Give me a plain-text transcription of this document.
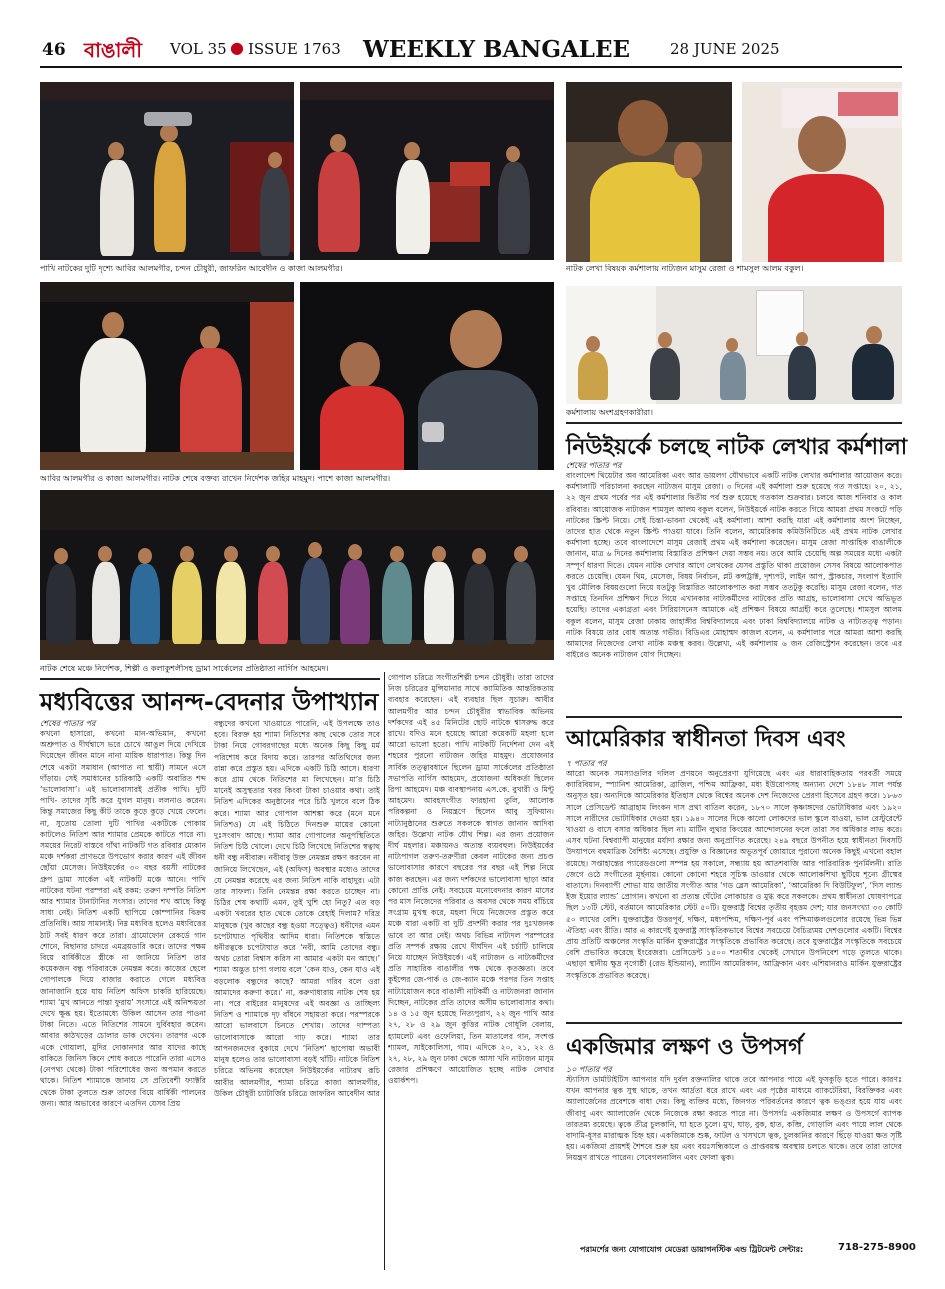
46 বাঙালী VOL 35 ● ISSUE 1763 WEEKLY BANGALEE	28 JUNE 2025
পাখি নাটকের দুটি দৃশ্যে আবির আলমগীর, চন্দন চৌধুরী, জাফরিন আবেদীন ও কাজা আলমগীর।	নাটক লেখা বিষয়ক কর্মশালায় নাট্যজন মাসুম রেজা ও শামসুল আলম বকুল।
আবির আলমগীর ও কাজা আলমগীর। নাটক শেষে বক্তব্য রাখেন নির্দেশক জহির মাহমুদ। পাশে কাজা আলমগীর।
কর্মশালায় অংশগ্রহণকারীরা।
নিউইয়র্কে চলছে নাটক লেখার কর্মশালা
নাটক শেষে মঞ্চে নির্দেশক, শিল্পী ও কলাকুশলীসহ ড্রামা সার্কেলের প্রতিষ্ঠাতা নার্গিস আহমেদ।
শেষের পাতার পর
বাংলাদেশ থিয়েটার অব আমেরিকা এবং আর ডায়লগ যৌথভাবে একটি নাটক লেখার কর্মশালার আয়োজন করে। কর্মশালাটি পরিচালনা করছেন নাট্যজন মাসুম রেজা। ৩ দিনের এই কর্মশালা শুরু হয়েছে গত সপ্তাহে। ২০, ২১, ২২ জুন প্রথম পর্বের পর এই কর্মশালার দ্বিতীয় পর্ব শুরু হয়েছে গতকাল শুক্রবার। চলবে আজ শনিবার ও কাল রবিবার। আয়োজক নাট্যজন শামসুল আলম বকুল বলেন, নিউইয়র্কে নাটক করতে গিয়ে আমরা প্রথম সংকটে পড়ি নাটকের স্ক্রিপ্ট নিয়ে। সেই চিন্তা-ভাবনা থেকেই এই কর্মশালা। আশা করছি যারা এই কর্মশালায় অংশ নিচ্ছেন, তাদের হাত থেকে নতুন স্ক্রিপ্ট পাওয়া যাবে। তিনি বলেন, আমেরিকায় কমিউনিটিতে এই প্রথম নাটক লেখার কর্মশালা হচ্ছে। তবে বাংলাদেশে মাসুম রেজাই প্রথম এই কর্মশালা করেছেন। মাসুম রেজা সাপ্তাহিক বাঙালীকে জানান, মাত্র ৬ দিনের কর্মশালায় বিস্তারিত প্রশিক্ষণ দেয়া সম্ভব নয়। তবে আমি চেয়েছি অল্প সময়ের মধ্যে একটা সম্পূর্ণ ধারণা দিতে। যেমন নাটক লেখার আগে লেখকের যেসব প্রস্তুতি থাকা প্রয়োজন সেসব বিষয়ে আলোকপাত করতে চেয়েছি। যেমন থিম, মেসেজ, বিষয় নির্বাচন, প্লট কন্সট্রাক্ট, দৃশ্যপট, লাইন আপ, স্ট্রাকচার, সংলাপ ইত্যাদি খুব মৌলিক বিষয়গুলো নিয়ে যতটুকু বিস্তারিত আলোকপাত করা সম্ভব ততটুকু করেছি। মাসুম রেজা বলেন, গত সপ্তাহে তিনদিন প্রশিক্ষণ দিতে গিয়ে এখানকার নাট্যকর্মীদের নাটকের প্রতি আগ্রহ, ভালোবাসা দেখে অভিভূত হয়েছি। তাদের একাগ্রতা এবং সিরিয়াসনেস আমাকে এই প্রশিক্ষণ বিষয়ে আগ্রহী করে তুলেছে। শামসুল আলম বকুল বলেন, মাসুম রেজা ঢাকায় জাহাঙ্গীর বিশ্ববিদ্যালয়ে এবং ঢাকা বিশ্ববিদ্যালয়ে নাটক ও নাট্যতত্ত্ব পড়ান। নাটক বিষয়ে তার বোধ অত্যন্ত গভীর। বিডিএর মোহাম্মদ কাজল বলেন, এ কর্মশালার পরে আমরা আশা করছি আমাদের নিজেদের লেখা নাটক মঞ্চস্থ করব। উল্লেখ্য, এই কর্মশালায় ৬ জন রেজিস্ট্রেশন করেছেন। তবে এর বাইরেও অনেক নাট্যজন যোগ দিচ্ছেন।
মধ্যবিত্তের আনন্দ-বেদনার উপাখ্যান
শেষের পাতার পর
কখনো হাসারো, কখনো মান-অভিমান, কখনো অশ্রুপাত ও দীর্ঘশ্বাসে ভরে চোখে আঙুল দিয়ে দেখিয়ে দিয়েছেন জীবন মানে নানা মায়িক ধারাপাত। কিন্তু দিন শেষে একটা সমাধান (আপাত না স্থায়ী) সামনে এসে দাঁড়ায়। সেই সমাধানের চারিকাঠি একটি অবারিত শব্দ ‘ভালোবাসা’। এই ভালোবাসারই প্রতীক পাখি। দুটি পাখি- তাদের সৃষ্টি করে যুগল মানুষ। ললনাও করেন। কিন্তু সমাজের কিছু কীট তাকে কুড়ে কুড়ে খেয়ে ফেলে। না, সুতোয় তোলা দুটি পাখির একটিকে পোকায় কাটলেও নিতিশ আর শ্যামার প্রেমকে কাটতে পারে না। সময়ের নিরেট বাস্তবে গাঁথা নাটকটি গত রবিবার ম্যেকান মঞ্চে দর্শকরা প্রাণভরে উপভোগ করার কারণ এই জীবন ছোঁয়া মেসেজ। নিউইয়র্কের ৩০ বছর বয়সী নাটকের গ্রুপ ড্রামা সার্কেল এই নাটকটি মঞ্চে আনে। পাখি নাটকের ঘটনা পরম্পরা এই রকম: তরুণ দম্পতি নিতিশ আর শ্যামার টানাটানির সংসার। তাদের শখ আছে কিন্তু সাধ্য নেই। নিতিশ একটি ছাপিয়ে কোম্পানির বিক্রয় প্রতিনিধি। আয় সামান্যই। নিম্ন মধ্যবিত্ত হলেও মধ্যবিত্তের ঠাট সবই ধারণ করে তারা। গ্রামোফোন রেকর্ডে গান শোনে, বিছানার চাদরে এমব্রয়ডারি করে। তাদের পক্ষম বিয়ে বার্ষিকীতে স্ত্রীকে না জানিয়ে নিতিশ তার কয়েকজন বন্ধু পরিবারকে নেমন্তন্ন করে। কাজের ছেলে গোপালকে দিয়ে বাজার করাতে গেলে মধ্যবিত্ত জানাজানি হয়ে যায় নিতিশ অফিস চাকরি হারিয়েছে। শ্যামা ‘মুখ আনতে পান্তা ফুরায়’ সংসারে এই অনিশ্চয়তা দেখে ক্ষুব্ধ হয়। ইতোমধ্যে উকিল আসেন তার পাওনা টাকা নিতে। এতে নিতিশের সামনে দুর্বিবহার করেন। আবার কাঠখড়ের চোলার ডাক দেখেন। তারপর একে একে গোয়ালা, মুদির দোকানদার আর যাদের কাছে বাকিতে জিনিস কিনে শোধ করতে পারেনি তারা এসেও (নেপথ্য থেকে) টাকা পরিশোধের জন্য অপমান করতে থাকে। নিতিশ শ্যামাকে জানায় সে প্রতিবেশী ফ্যাক্টরি থেকে টাকা তুলতে শুরু তাদের বিয়ে বার্ষিকী পালনের জন্য। আর অভাবের কারণে এতদিন যেসব প্রিয়
বন্ধুদের কখনো খাওয়াতে পারেনি, এই উপলক্ষে তাও হবে। বিরক্ত হয় শ্যামা নিতিশের কাছ থেকে তোর সবে টাকা নিয়ে গোবরগাছের মধ্যে অনেক কিছু কিছু মর্ম পরিশোধ করে বিদায় করে। তারপর অতিথিদের জন্য রান্না করে প্রস্তুত হয়। এদিকে একটি চিঠি আসে। ধারণা করে গ্রাম থেকে নিতিশের মা লিখেছেন। মা’র চিঠি মানেই অসুস্থতার খবর কিংবা টাকা চাওয়ার কথা। তাই নিতিশ এদিকের অনুষ্ঠানের পরে চিঠি খুলবে বলে ঠিক করে। শ্যামা আর গোপাল আশঙ্কা করে (মনে মনে নিতিশও) যে এই চিঠিতে দিনশুরু মায়ের কোনো দুঃসংবাদ আছে। শ্যামা আর গোপালের অনুপস্থিতিতে নিতিশ চিঠি খোলে। দেখে চিঠি লিখেছে নিতিশের স্বত্বাহু ধনী বন্ধু নবীবারু। নবীবাবু উক্ত নেমন্তন্ন রক্ষণ করবেন না জানিয়ে লিখেছেন, এই (অফিস) অবস্থার মধ্যেও তাদের যে নেমন্তন্ন করেছে এর জন্য নিতিশ নাকি বাহাদুর। এটা তার সাফল্য। তিনি নেমন্তন্ন রক্ষা করতে চাচ্ছেন না। চিঠির শেষ কথাটি এমন, তুই খুশি হো নিতু? এত বড় একটা খবরের হাত থেকে তোকে রেহাই দিলাম? দরিদ্র মানুষকে (খুব কাছের বন্ধু হওয়া সত্ত্বেও) ধনীদের এমন চপেটাঘাত পৃথিবীর আদিম ধারা। নিতিশকে স্বস্তিতে ধনীরত্বকে চপেটাঘাত করে ‘নবী, আমি তোদের বন্ধু। অথচ তোরা বিশ্বাস করিস না আমার একটা মন আছে।’ শ্যামা অদ্ভুত চাপা গলায় বলে ‘কেন যাও, কেন যাও এই বড়লোক বন্ধুদের কাছে? আমরা গরিব বলে ওরা আমাদের করুণা করে।’ না, করুণাধারায় নাটক শেষ হয় না। পরে বাইরের মানুষদের এই অবজ্ঞা ও তাচ্ছিল্য নিতিশ ও শ্যামাকে দৃঢ় বাঁধনে সহায়তা করে। পরস্পরকে আরো ভালবাসে চিনতে শেখায়। তাদের দাম্পত্য ভালোবাসাকে আরো গাঢ় করে। শ্যামা তার আপনজনদের বুকায়ে দেখে ‘নিতিশ’ ছাপোষা অভাবী মানুষ হলেও তার ভালোবাসা বড়ই খাঁটি। নাটকে নিতিশ চরিত্রে অভিনয় করেছেন নিউইয়র্কের নাট্যরথ রূচি আবীর আলমগীর, শ্যামা চরিত্রে কাজা আলমগীর, উকিল চৌধুরী চ্যাটার্জির চরিত্রে জাফরিন আবেদীন আর
গোপাল চরিত্রে সংগীতশিল্পী চন্দন চৌধুরী। তারা তাদের নিজ চরিত্রের মুন্সিয়ানার সাথে ক্যামিতিক আন্তরিকতায় ব্যবহার করেছেন। এই ব্যবহার ছিল সুচারু। আবীর আলমগীর আর চন্দন চৌধুরীর স্বাভাবিক অভিনয় দর্শকদের এই ৪৫ মিনিটের ছোট নাটকে শ্বাসরুদ্ধ করে রাখে। যদিও মনে হয়েছে আরো কয়েকটি মহলা হলে আরো ভালো হতো। পাখি নাটকটি নির্দেশনা দেন এই শহরের পুরনো নাট্যজন জহির মাহমুদ। প্রযোজনার সার্বিক তত্ত্বাবধানে ছিলেন ড্রামা সার্কেলের প্রতিষ্ঠাতা সভাপতি নার্গিস আহমেদ, প্রযোজনা অধিকর্তা ছিলেন রিপা আহমেদ। মঞ্চ ব্যবস্থাপনায় এস.কে. বুখারী ও মিন্টু আহমেদ। আবহসংগীত ফারহানা তুলি, আলোক পরিকল্পনা ও নিয়ন্ত্রণে ছিলেন আবু সুফিয়ান। নাট্যানুষ্ঠানের শুরুতে সকলকে স্বাগত জানান আদিবা জহির। উল্লেখ্য নাটক যৌথ শিল্প। এর জন্য প্রয়োজন দীর্ঘ মহলার। মঞ্চায়নও অত্যন্ত ব্যয়বহুল। নিউইয়র্কের নাট্যপাগল তরুণ-তরুণীরা কেবল নাটকের জন্য প্রচণ্ড ভালোবাসার কারণে বছরের পর বছর এই শিল্প নিয়ে কাজ করছেন। এর জন্য দর্শকদের ভালোবাসা ছাড়া আর কোনো প্রাপ্তি নেই। সবচেয়ে মনোবেদনার কারণ মাসের পর মাস নিজেদের পরিবার ও অবসর থেকে সময় বাঁচিয়ে সংগ্রাম মুখস্থ করে, মহলা দিয়ে নিজেদের প্রস্তুত করে মঞ্চে যারা একটি বা দুটি প্রদর্শনী করার পর দুঃখজনক ভাবে তা আর নেই। অথচ বিভিন্ন নাট্যদল পরম্পরের প্রতি সম্পর্ক রক্ষায় রেখে দীর্ঘদিন এই চর্চাটি চালিয়ে নিয়ে যাচ্ছেন নিউইয়র্কে। এই নাট্যজন ও নাট্যকর্মীদের প্রতি সাহারিক বাঙালীর পক্ষ থেকে কৃতজ্ঞতা। তবে কুইন্সের জে-পার্ক ও জে-ক্যান মঞ্চে পরপর তিন সপ্তাহ নাট্যায়োজন করে বাঙালী নাটকর্মী ও নাট্যজনরা জানান দিচ্ছেন, নাটকের প্রতি তাদের অসীম ভালোবাসার কথা। ১৪ ও ১৫ জুন হয়েছে নিত্যপুরাণ, ২২ জুন পাখি আর ২৭, ২৮ ও ২৯ জুন কুত্তির নাটক গোধূলি বেলায়, হ্যামলেট এবং ওফেলিয়া, তিন মাতালের গান, সংশপ্ত শ্যামল, সাইকোলিসা, গাম। এদিকে ২০, ২১, ২২ ও ২৭, ২৮, ২৯ জুন ঢাকা থেকে আসা খনি নাট্যজন মাসুম রেজার প্রশিক্ষণে আয়োজিত হচ্ছে নাটক লেখার ওয়ার্কশপ।
আমেরিকার স্বাধীনতা দিবস এবং
৭ পাতার পর
আরো অনেক সমস্যাগুলির দলিল প্রণয়নে অনুপ্রেরণা যুগিয়েছে এবং এর ধারাবাহিকতায় পরবর্তী সময়ে ক্যারিবিয়ান, স্প্যানিশ আমেরিকা, ব্রাজিল, পশ্চিম আফ্রিকা, মধ্য ইউরোপসহ অন্যান্য দেশে ১৮৪৮ সাল পর্যন্ত অনুসৃত হয়। অন্যদিকে আমেরিকার ইতিহাস থেকে বিশ্বের অনেক দেশ নিজেদের প্রেরণা হিসেবে গ্রহণ করে। ১৮৬৩ সালে প্রেসিডেন্ট আব্রাহাম লিংকন দাস প্রথা বাতিল করেন, ১৮৭০ সালে কৃষ্ণাঙ্গদের ভোটাধিকার এবং ১৯২০ সালে নারীদের ভোটাধিকার দেওয়া হয়। ১৯৪০ সালের দিকে কালো লোকদের ভাল স্কুলে যাওয়া, ভাল রেস্টুরেন্টে খাওয়া ও বাসে বসার অধিকার ছিল না। মার্টিন লুথার কিংয়ের আন্দোলনের ফলে তারা সব অধিকার লাভ করে। এসব ঘটনা বিশ্বব্যাপী মানুষের মর্যাদা রক্ষার জন্য অনুপ্রাণিত করেছে। ২৪৯ বছরে উপনীত হয়ে স্বাধীনতা দিবসটি উদযাপনে বহুমাত্রিক বৈশিষ্ট্য এসেছে। প্রযুক্তি ও বিজ্ঞানের অভূতপূর্ব জোয়ারে পুরানো অনেক কিছুই এখনো বহাল রয়েছে। সপ্তাহান্তের প্যারেডগুলো সম্পন্ন হয় সকালে, সন্ধ্যায় হয় আতশবাজি আর পারিবারিক পুনর্মিলনী। রাতি জেগে ওঠে সংগীতের মূর্ছনায়। কোনো কোনো শহরে সূচিস্ক ডাওয়ার থেকে আলোকশিখা ছুটিয়ে শূন্যে গ্রীষ্মের বাতাসে। দিনব্যাপী শোভা যায় জাতীয় সংগীত আর ‘গড ব্লেস আমেরিকা’, ‘আমেরিকা দি বিউটিফুল’, ‘দিস ল্যান্ড ইজ ইয়োর ল্যান্ড’ প্রোগান। কখনো বা প্রত্যন্ত ঘেঁটের লোকাচার ও মুগ্ধ করে সকলকে। প্রথম স্বাধীনতা ঘোষণাপত্রে ছিল ১৩টি স্টেট, বর্তমানে আমেরিকার স্টেট ৫০টি। যুক্তরাষ্ট্র বিশ্বের তৃতীয় বৃহত্তম দেশ; যার জনসংখ্যা ৩৩ কোটি ৫০ লাখের বেশি। যুক্তরাষ্ট্রের উত্তরপূর্ব, দক্ষিণ, মধ্যপশ্চিম, দক্ষিণ-পূর্ব এবং পশ্চিমাঞ্চলগুলোর রয়েছে ভিন্ন ভিন্ন ঐতিহ্য এবং রীতি। আর এ কারণেই যুক্তরাষ্ট্র সাংস্কৃতিকভাবে বিশ্বের সবচেয়ে বৈচিত্র্যময় দেশগুলোর একটি। বিশ্বের প্রায় প্রতিটি অঞ্চলের সংস্কৃতি মার্কিন যুক্তরাষ্ট্রের সংস্কৃতিকে প্রভাবিত করেছে। তবে যুক্তরাষ্ট্রের সংস্কৃতিকে সবচেয়ে বেশি প্রভাবিত করেছে ইংরেজরা। প্রেসিডেন্ট ১৫০০ শতাব্দীর থেকেই সেখানে উপনিবেশ গড়ে তুলতে থাকে। এছাড়া স্থানীয় ক্ষুদ্র নৃগোষ্ঠী (রেড ইন্ডিয়ান), ল্যাটিন আমেরিকান, আফ্রিকান এবং এশিয়ানরাও মার্কিন যুক্তরাষ্ট্রের সংস্কৃতিকে প্রভাবিত করেছে।
একজিমার লক্ষণ ও উপসর্গ
১০ পাতার পর
স্ট্যাসিস ডার্মাটাইটিস আপনার যদি দুর্বল রক্তনালির থাকে তবে আপনার পায়ে এই ফুসকুড়ি হতে পারে। কারণঃ যখন আপনার ত্বক সুস্থ থাকে, তখন আর্দ্রতা ধরে রাখে এবং এর পৃষ্ঠের মাধ্যমে ব্যাকটেরিয়া, বিরক্তিকর এবং অ্যালার্জেনের প্রবেশকে বাধা দেয়। কিছু ব্যক্তির মধ্যে, জিনগত পরিবর্তনের কারণে ত্বক ভঙ্গুর হয়ে যায় এবং জীবাণু এবং অ্যালার্জেন থেকে নিজেকে রক্ষা করতে পারে না। উপসর্গঃ একজিমার লক্ষণ ও উপসর্গে ব্যাপক তারতম্য রয়েছে। ত্বকে তীব্র চুলকানি, ঘা হতে চুলে। মুখ, ঘাড়, বুক, হাত, কব্জি, গোড়ালি এবং পায়ে লাল থেকে বাদামি-ধূসর মারাত্মক চিহ্ন হয়। একজিমাকে শুষ্ক, ফাটল ও খসখসে ত্বক, চুলকানির কারণে ছিঁড়ে যাওয়া ক্ষত সৃষ্টি হয়। একজিমা প্রায়শই শৈশবে শুরু হয় এবং বয়ঃসন্ধিকালে ও প্রাপ্তবয়স্ক অবস্থায় চলতে থাকে। তবে তারা তাদের নিয়ন্ত্রণ রাখতে পারেন। সেবেগলনালিন এবং ফোলা ত্বক।
পরামর্শের জন্য যোগাযোগ মেডেরা ডায়াগনস্টিক এন্ড ট্রিটমেন্ট সেন্টার:	718-275-8900
